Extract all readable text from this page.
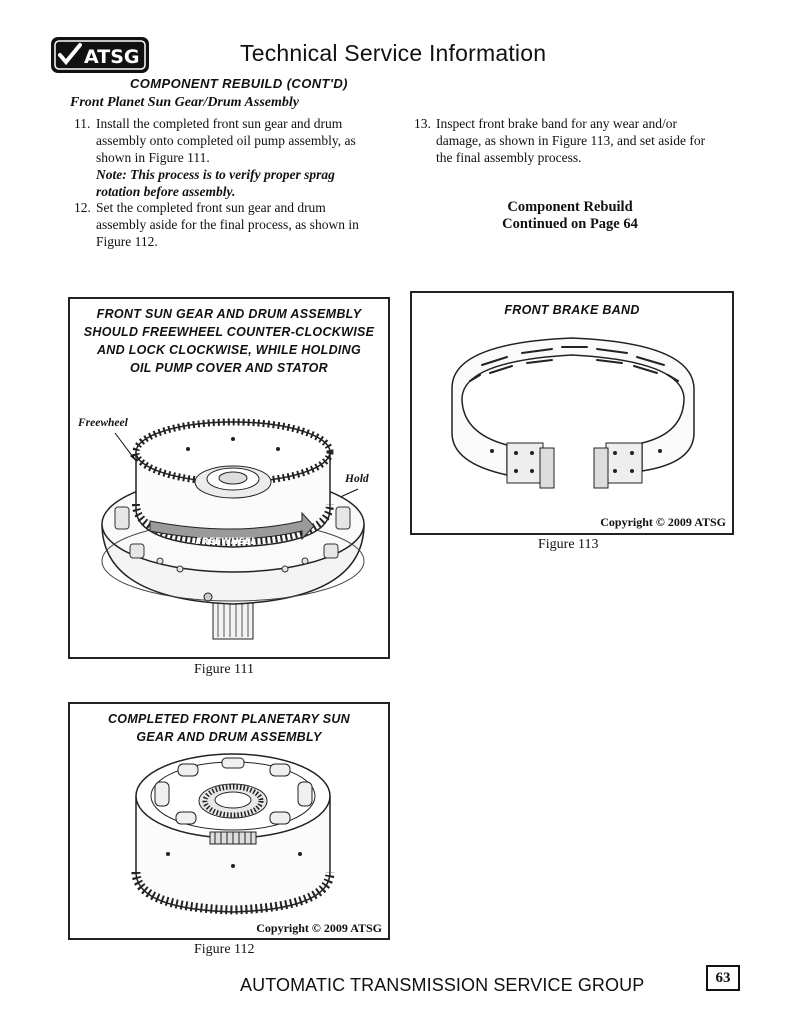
ATSG	Technical Service Information
COMPONENT REBUILD (CONT'D)
Front Planet Sun Gear/Drum Assembly
11. Install the completed front sun gear and drum assembly onto completed oil pump assembly, as shown in Figure 111.
Note: This process is to verify proper sprag rotation before assembly.
12. Set the completed front sun gear and drum assembly aside for the final process, as shown in Figure 112.
13. Inspect front brake band for any wear and/or damage, as shown in Figure 113, and set aside for the final assembly process.
Component Rebuild
Continued on Page 64
FRONT SUN GEAR AND DRUM ASSEMBLY
SHOULD FREEWHEEL COUNTER-CLOCKWISE
AND LOCK CLOCKWISE, WHILE HOLDING
OIL PUMP COVER AND STATOR
Freewheel
Hold
FREEWHEEL
Figure 111
COMPLETED FRONT PLANETARY SUN
GEAR AND DRUM ASSEMBLY
Copyright © 2009 ATSG
Figure 112
FRONT BRAKE BAND
Copyright © 2009 ATSG
Figure 113
AUTOMATIC TRANSMISSION SERVICE GROUP	63
